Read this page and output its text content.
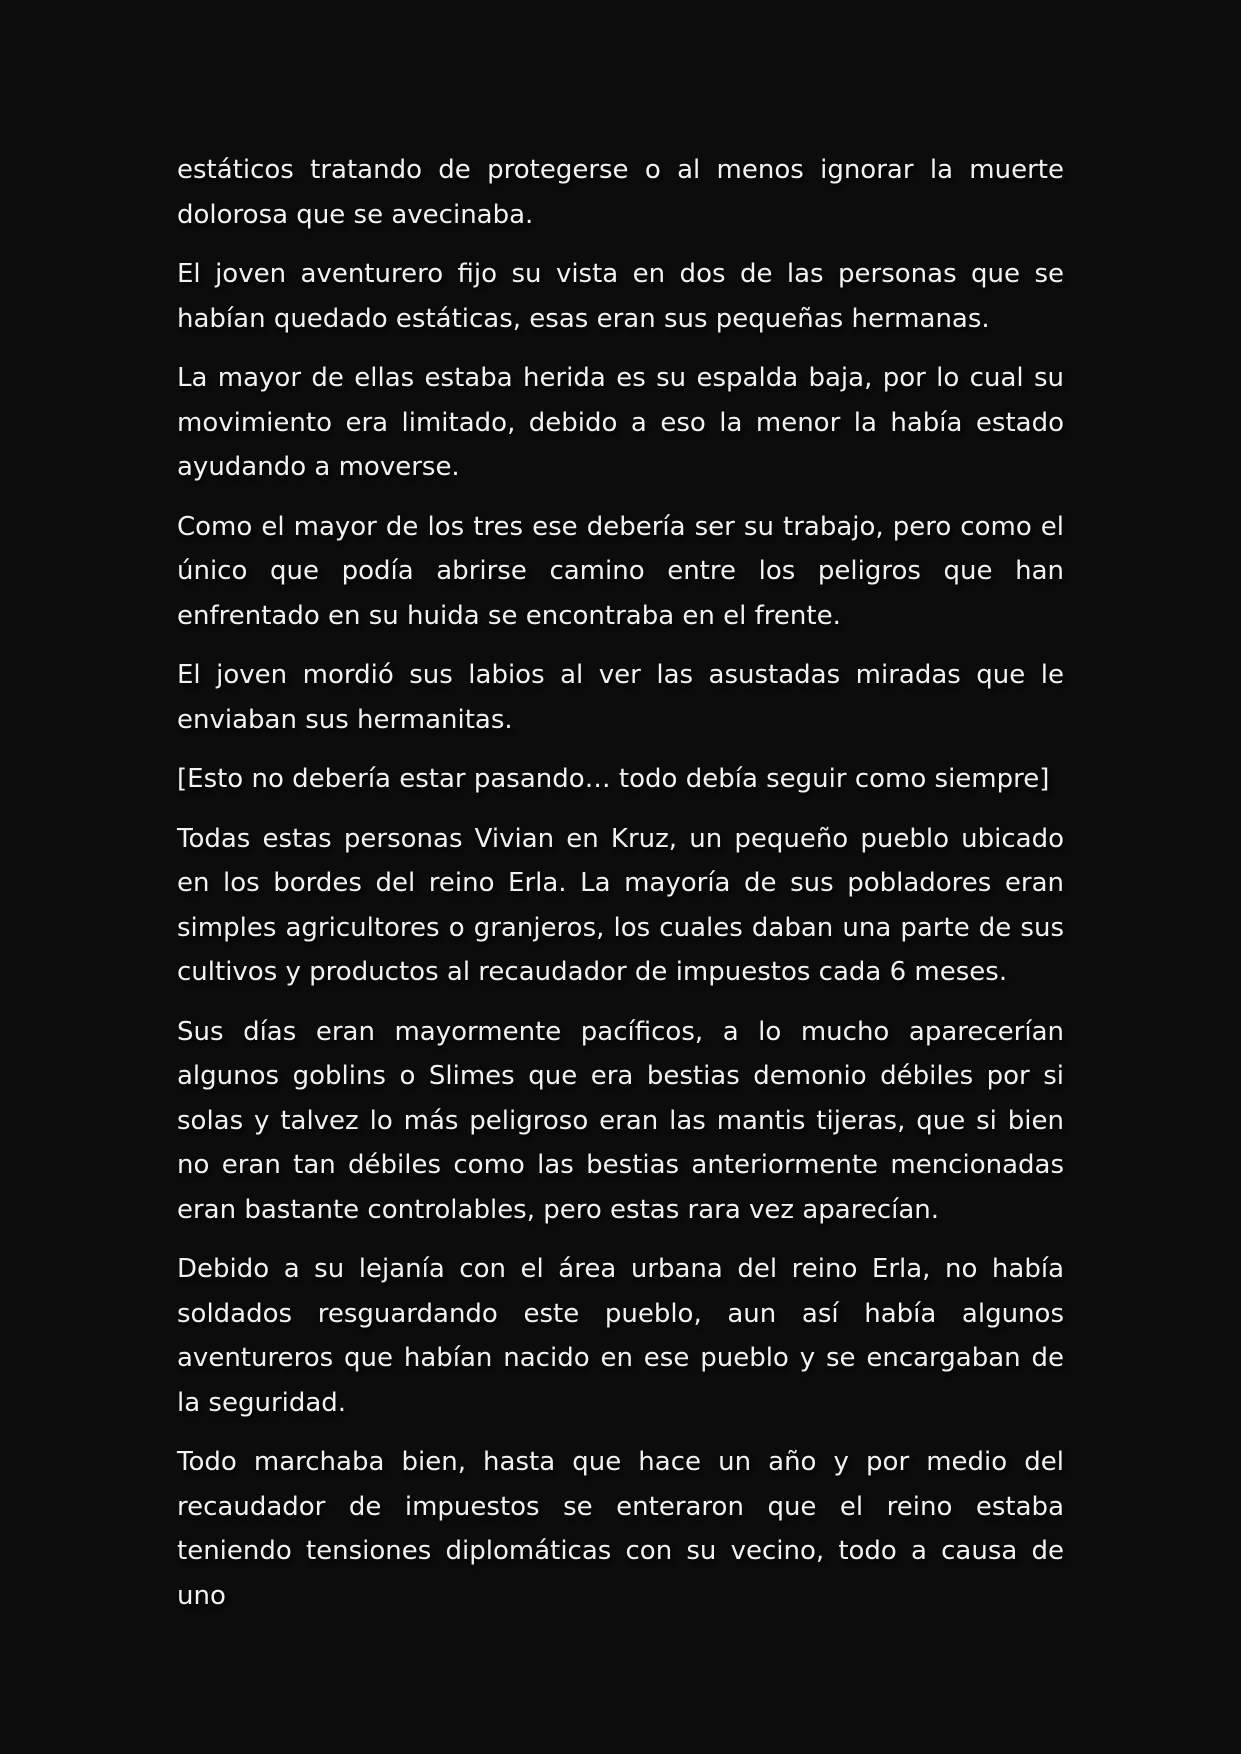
estáticos tratando de protegerse o al menos ignorar la muerte dolorosa que se avecinaba.

El joven aventurero fijo su vista en dos de las personas que se habían quedado estáticas, esas eran sus pequeñas hermanas.

La mayor de ellas estaba herida es su espalda baja, por lo cual su movimiento era limitado, debido a eso la menor la había estado ayudando a moverse.

Como el mayor de los tres ese debería ser su trabajo, pero como el único que podía abrirse camino entre los peligros que han enfrentado en su huida se encontraba en el frente.

El joven mordió sus labios al ver las asustadas miradas que le enviaban sus hermanitas.

[Esto no debería estar pasando… todo debía seguir como siempre]

Todas estas personas Vivian en Kruz, un pequeño pueblo ubicado en los bordes del reino Erla. La mayoría de sus pobladores eran simples agricultores o granjeros, los cuales daban una parte de sus cultivos y productos al recaudador de impuestos cada 6 meses.

Sus días eran mayormente pacíficos, a lo mucho aparecerían algunos goblins o Slimes que era bestias demonio débiles por si solas y talvez lo más peligroso eran las mantis tijeras, que si bien no eran tan débiles como las bestias anteriormente mencionadas eran bastante controlables, pero estas rara vez aparecían.

Debido a su lejanía con el área urbana del reino Erla, no había soldados resguardando este pueblo, aun así había algunos aventureros que habían nacido en ese pueblo y se encargaban de la seguridad.

Todo marchaba bien, hasta que hace un año y por medio del recaudador de impuestos se enteraron que el reino estaba teniendo tensiones diplomáticas con su vecino, todo a causa de uno
